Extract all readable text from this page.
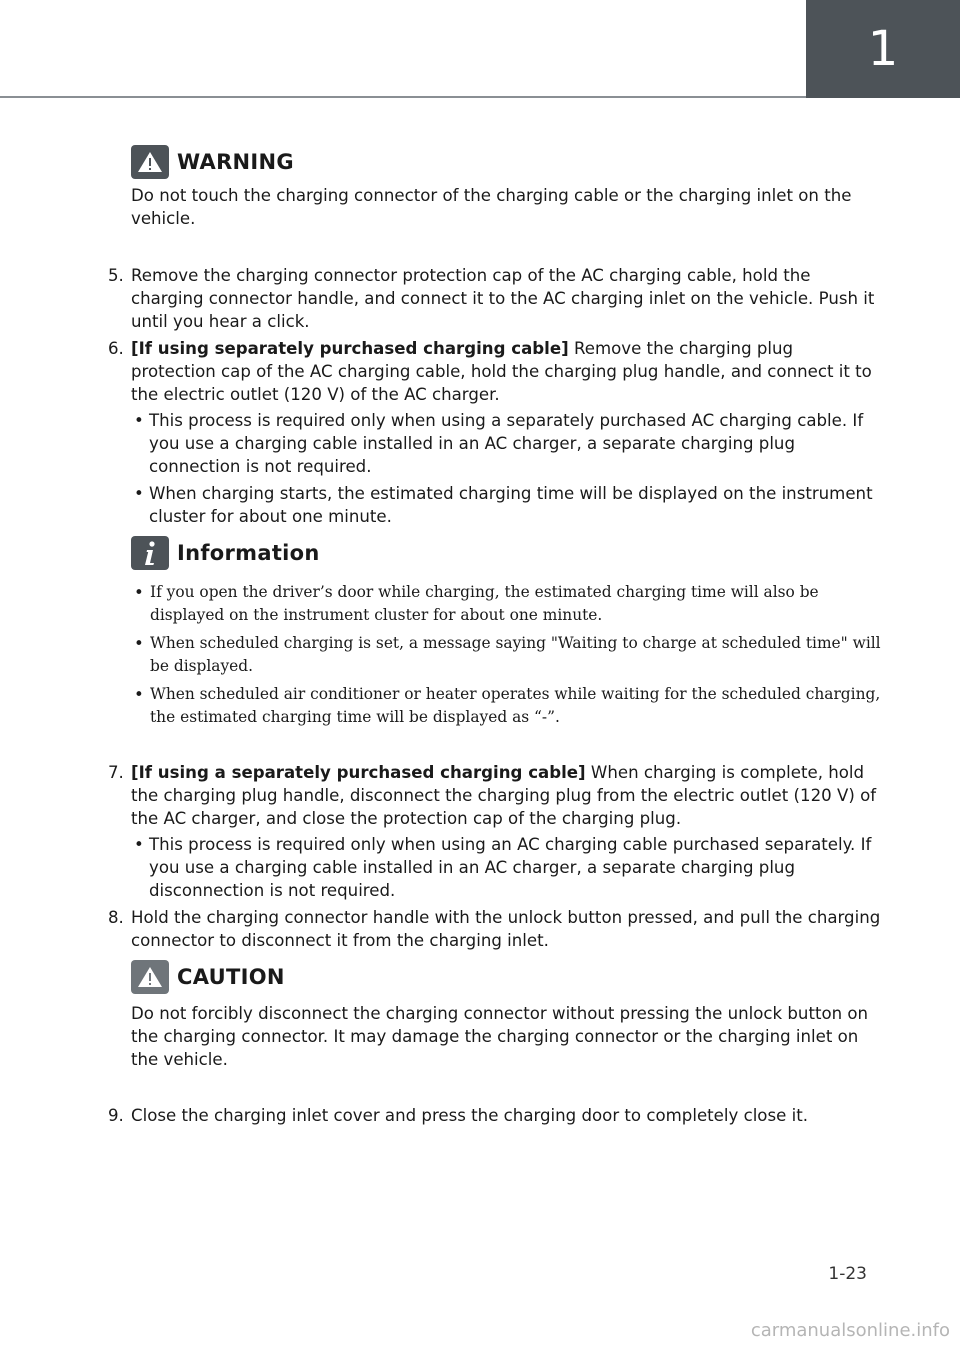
1
WARNING
Do not touch the charging connector of the charging cable or the charging inlet on the vehicle.
5. Remove the charging connector protection cap of the AC charging cable, hold the charging connector handle, and connect it to the AC charging inlet on the vehicle. Push it until you hear a click.
6. [If using separately purchased charging cable] Remove the charging plug protection cap of the AC charging cable, hold the charging plug handle, and connect it to the electric outlet (120 V) of the AC charger.
• This process is required only when using a separately purchased AC charging cable. If you use a charging cable installed in an AC charger, a separate charging plug connection is not required.
• When charging starts, the estimated charging time will be displayed on the instrument cluster for about one minute.
Information
• If you open the driver’s door while charging, the estimated charging time will also be displayed on the instrument cluster for about one minute.
• When scheduled charging is set, a message saying "Waiting to charge at scheduled time" will be displayed.
• When scheduled air conditioner or heater operates while waiting for the scheduled charging, the estimated charging time will be displayed as “-”.
7. [If using a separately purchased charging cable] When charging is complete, hold the charging plug handle, disconnect the charging plug from the electric outlet (120 V) of the AC charger, and close the protection cap of the charging plug.
• This process is required only when using an AC charging cable purchased separately. If you use a charging cable installed in an AC charger, a separate charging plug disconnection is not required.
8. Hold the charging connector handle with the unlock button pressed, and pull the charging connector to disconnect it from the charging inlet.
CAUTION
Do not forcibly disconnect the charging connector without pressing the unlock button on the charging connector. It may damage the charging connector or the charging inlet on the vehicle.
9. Close the charging inlet cover and press the charging door to completely close it.
1-23
carmanualsonline.info
